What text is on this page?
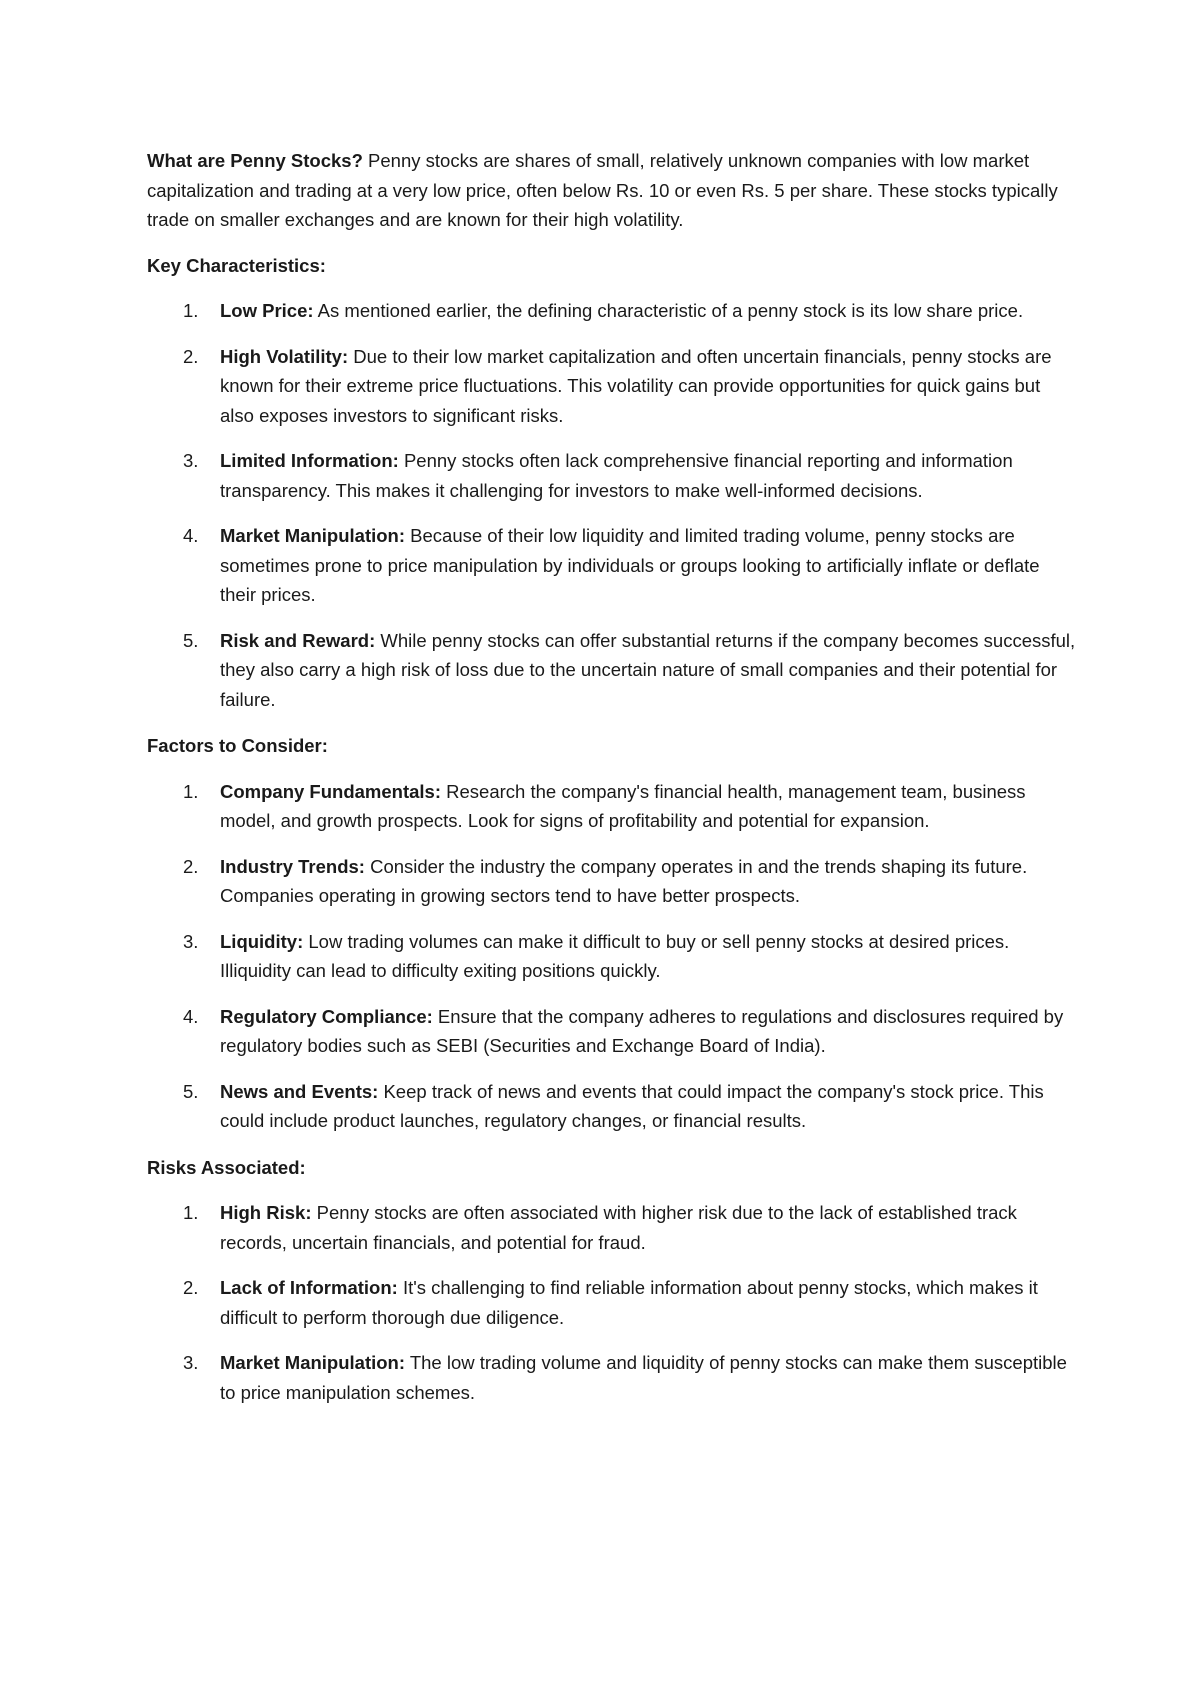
What are Penny Stocks? Penny stocks are shares of small, relatively unknown companies with low market capitalization and trading at a very low price, often below Rs. 10 or even Rs. 5 per share. These stocks typically trade on smaller exchanges and are known for their high volatility.

Key Characteristics:

1. Low Price: As mentioned earlier, the defining characteristic of a penny stock is its low share price.
2. High Volatility: Due to their low market capitalization and often uncertain financials, penny stocks are known for their extreme price fluctuations. This volatility can provide opportunities for quick gains but also exposes investors to significant risks.
3. Limited Information: Penny stocks often lack comprehensive financial reporting and information transparency. This makes it challenging for investors to make well-informed decisions.
4. Market Manipulation: Because of their low liquidity and limited trading volume, penny stocks are sometimes prone to price manipulation by individuals or groups looking to artificially inflate or deflate their prices.
5. Risk and Reward: While penny stocks can offer substantial returns if the company becomes successful, they also carry a high risk of loss due to the uncertain nature of small companies and their potential for failure.

Factors to Consider:

1. Company Fundamentals: Research the company's financial health, management team, business model, and growth prospects. Look for signs of profitability and potential for expansion.
2. Industry Trends: Consider the industry the company operates in and the trends shaping its future. Companies operating in growing sectors tend to have better prospects.
3. Liquidity: Low trading volumes can make it difficult to buy or sell penny stocks at desired prices. Illiquidity can lead to difficulty exiting positions quickly.
4. Regulatory Compliance: Ensure that the company adheres to regulations and disclosures required by regulatory bodies such as SEBI (Securities and Exchange Board of India).
5. News and Events: Keep track of news and events that could impact the company's stock price. This could include product launches, regulatory changes, or financial results.

Risks Associated:

1. High Risk: Penny stocks are often associated with higher risk due to the lack of established track records, uncertain financials, and potential for fraud.
2. Lack of Information: It's challenging to find reliable information about penny stocks, which makes it difficult to perform thorough due diligence.
3. Market Manipulation: The low trading volume and liquidity of penny stocks can make them susceptible to price manipulation schemes.
